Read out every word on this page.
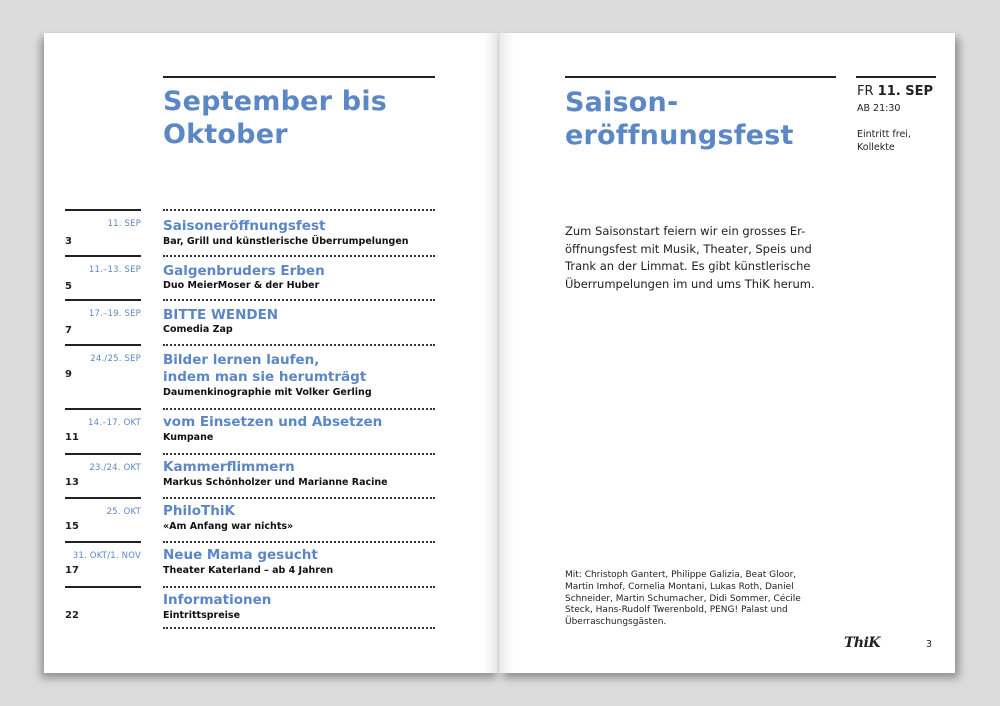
September bis
Oktober
11. SEP
3
Saisoneröffnungsfest
Bar, Grill und künstlerische Überrumpelungen
11.–13. SEP
5
Galgenbruders Erben
Duo MeierMoser & der Huber
17.–19. SEP
7
BITTE WENDEN
Comedia Zap
24./25. SEP
9
Bilder lernen laufen,
indem man sie herumträgt
Daumenkinographie mit Volker Gerling
14.–17. OKT
11
vom Einsetzen und Absetzen
Kumpane
23./24. OKT
13
Kammerflimmern
Markus Schönholzer und Marianne Racine
25. OKT
15
PhiloThiK
«Am Anfang war nichts»
31. OKT/1. NOV
17
Neue Mama gesucht
Theater Katerland – ab 4 Jahren
22
Informationen
Eintrittspreise
Saison-
eröffnungsfest
FR 11. SEP
AB 21:30
Eintritt frei,
Kollekte
Zum Saisonstart feiern wir ein grosses Er-
öffnungsfest mit Musik, Theater, Speis und
Trank an der Limmat. Es gibt künstlerische
Überrumpelungen im und ums ThiK herum.
Mit: Christoph Gantert, Philippe Galizia, Beat Gloor,
Martin Imhof, Cornelia Montani, Lukas Roth, Daniel
Schneider, Martin Schumacher, Didi Sommer, Cécile
Steck, Hans-Rudolf Twerenbold, PENG! Palast und
Überraschungsgästen.
ThiK	3
